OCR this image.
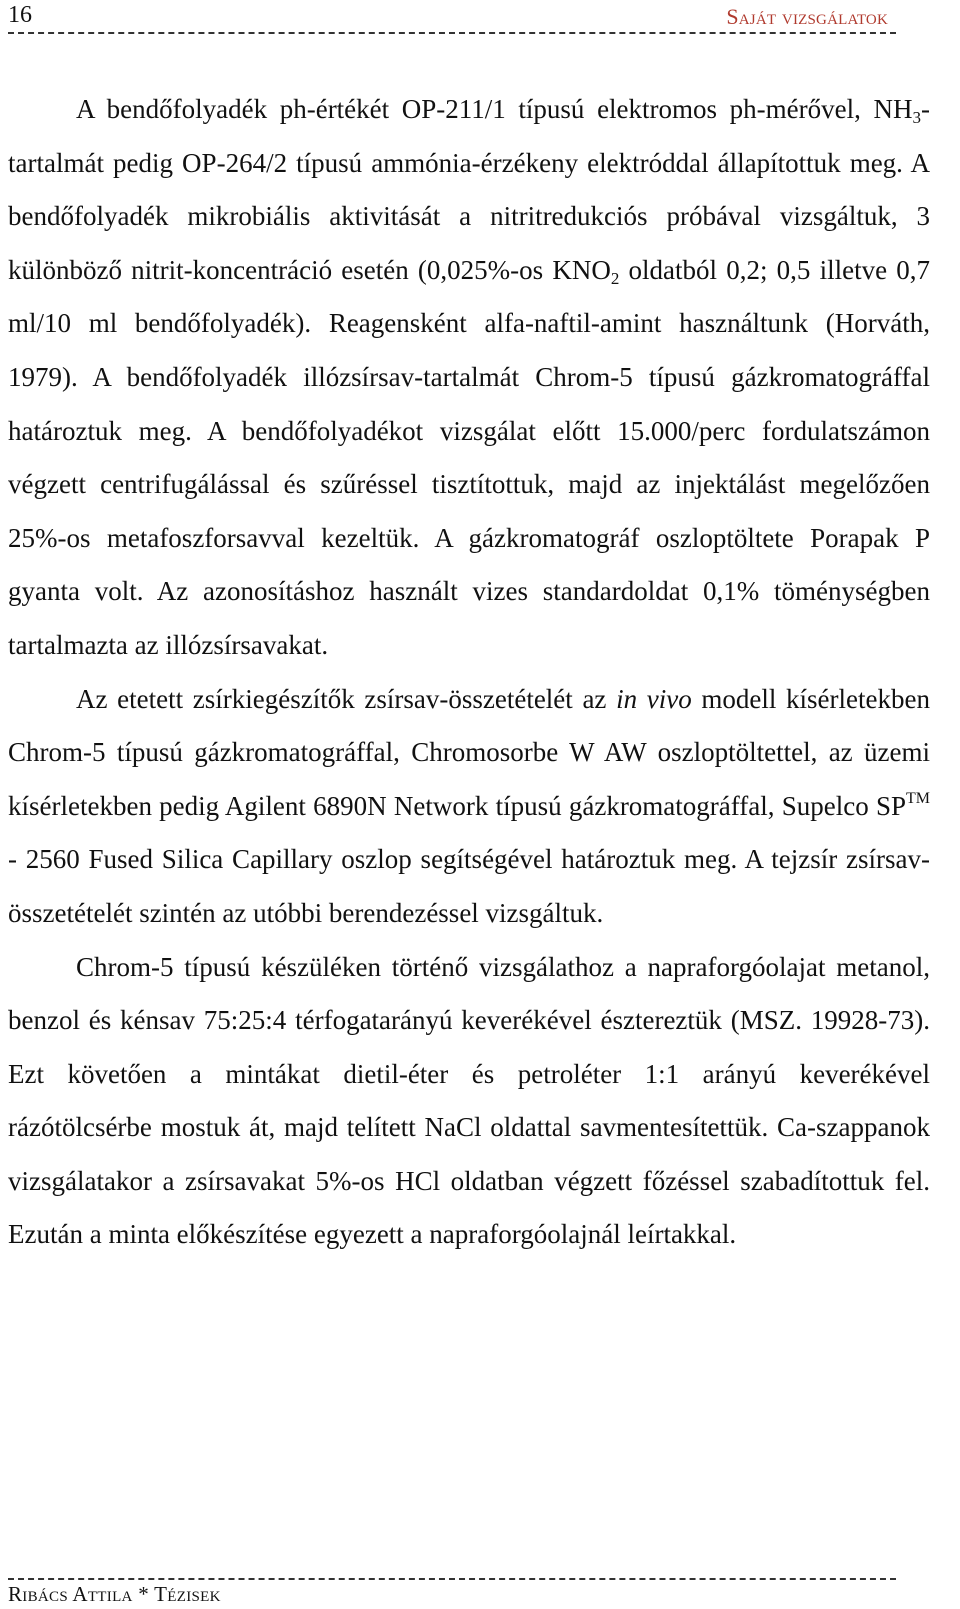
16	Saját vizsgálatok

A bendőfolyadék ph-értékét OP-211/1 típusú elektromos ph-mérővel, $NH_3$-tartalmát pedig OP-264/2 típusú ammónia-érzékeny elektróddal állapítottuk meg. A bendőfolyadék mikrobiális aktivitását a nitritredukciós próbával vizsgáltuk, 3 különböző nitrit-koncentráció esetén (0,025%-os $KNO_2$ oldatból 0,2; 0,5 illetve 0,7 ml/10 ml bendőfolyadék). Reagensként alfa-naftil-amint használtunk (Horváth, 1979). A bendőfolyadék illózsírsav-tartalmát Chrom-5 típusú gázkromatográffal határoztuk meg. A bendőfolyadékot vizsgálat előtt 15.000/perc fordulatszámon végzett centrifugálással és szűréssel tisztítottuk, majd az injektálást megelőzően 25%-os metafoszforsavval kezeltük. A gázkromatográf oszloptöltete Porapak P gyanta volt. Az azonosításhoz használt vizes standardoldat 0,1% töménységben tartalmazta az illózsírsavakat.

Az etetett zsírkiegészítők zsírsav-összetételét az in vivo modell kísérletekben Chrom-5 típusú gázkromatográffal, Chromosorbe W AW oszloptöltettel, az üzemi kísérletekben pedig Agilent 6890N Network típusú gázkromatográffal, Supelco SP™ - 2560 Fused Silica Capillary oszlop segítségével határoztuk meg. A tejzsír zsírsav-összetételét szintén az utóbbi berendezéssel vizsgáltuk.

Chrom-5 típusú készüléken történő vizsgálathoz a napraforgóolajat metanol, benzol és kénsav 75:25:4 térfogatarányú keverékével észtereztük (MSZ. 19928-73). Ezt követően a mintákat dietil-éter és petroléter 1:1 arányú keverékével rázótölcsérbe mostuk át, majd telített NaCl oldattal savmentesítettük. Ca-szappanok vizsgálatakor a zsírsavakat 5%-os HCl oldatban végzett főzéssel szabadítottuk fel. Ezután a minta előkészítése egyezett a napraforgóolajnál leírtakkal.

Ribács Attila * Tézisek
